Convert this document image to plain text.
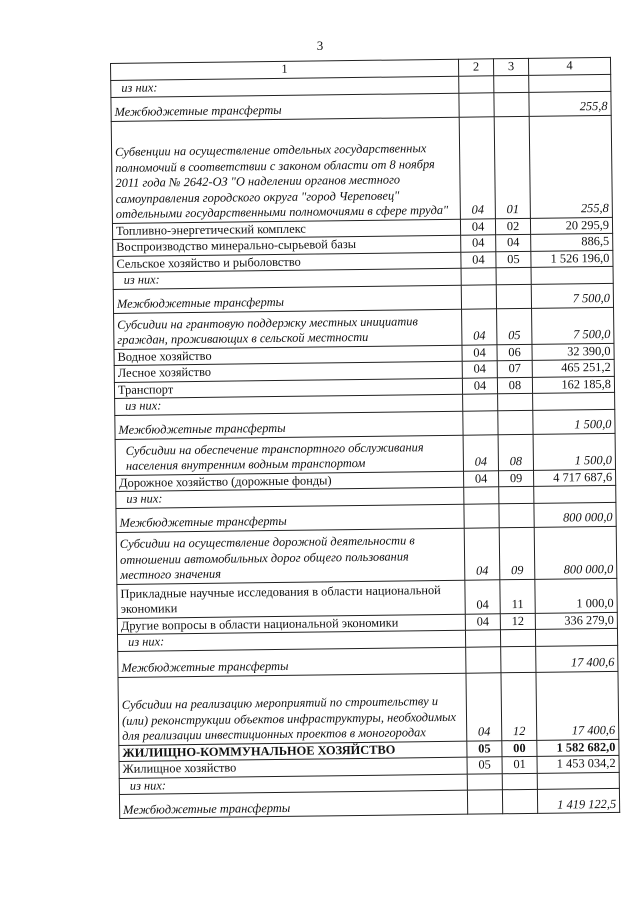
3
1	2	3	4
из них:			
Межбюджетные трансферты			255,8
Субвенции на осуществление отдельных государственных полномочий в соответствии с законом области от 8 ноября 2011 года № 2642-ОЗ "О наделении органов местного самоуправления городского округа "город Череповец" отдельными государственными полномочиями в сфере труда"	04	01	255,8
Топливно-энергетический комплекс	04	02	20 295,9
Воспроизводство минерально-сырьевой базы	04	04	886,5
Сельское хозяйство и рыболовство	04	05	1 526 196,0
из них:			
Межбюджетные трансферты			7 500,0
Субсидии на грантовую поддержку местных инициатив граждан, проживающих в сельской местности	04	05	7 500,0
Водное хозяйство	04	06	32 390,0
Лесное хозяйство	04	07	465 251,2
Транспорт	04	08	162 185,8
из них:			
Межбюджетные трансферты			1 500,0
Субсидии на обеспечение транспортного обслуживания населения внутренним водным транспортом	04	08	1 500,0
Дорожное хозяйство (дорожные фонды)	04	09	4 717 687,6
из них:			
Межбюджетные трансферты			800 000,0
Субсидии на осуществление дорожной деятельности в отношении автомобильных дорог общего пользования местного значения	04	09	800 000,0
Прикладные научные исследования в области национальной экономики	04	11	1 000,0
Другие вопросы в области национальной экономики	04	12	336 279,0
из них:			
Межбюджетные трансферты			17 400,6
Субсидии на реализацию мероприятий по строительству и (или) реконструкции объектов инфраструктуры, необходимых для реализации инвестиционных проектов в моногородах	04	12	17 400,6
ЖИЛИЩНО-КОММУНАЛЬНОЕ ХОЗЯЙСТВО	05	00	1 582 682,0
Жилищное хозяйство	05	01	1 453 034,2
из них:			
Межбюджетные трансферты			1 419 122,5
